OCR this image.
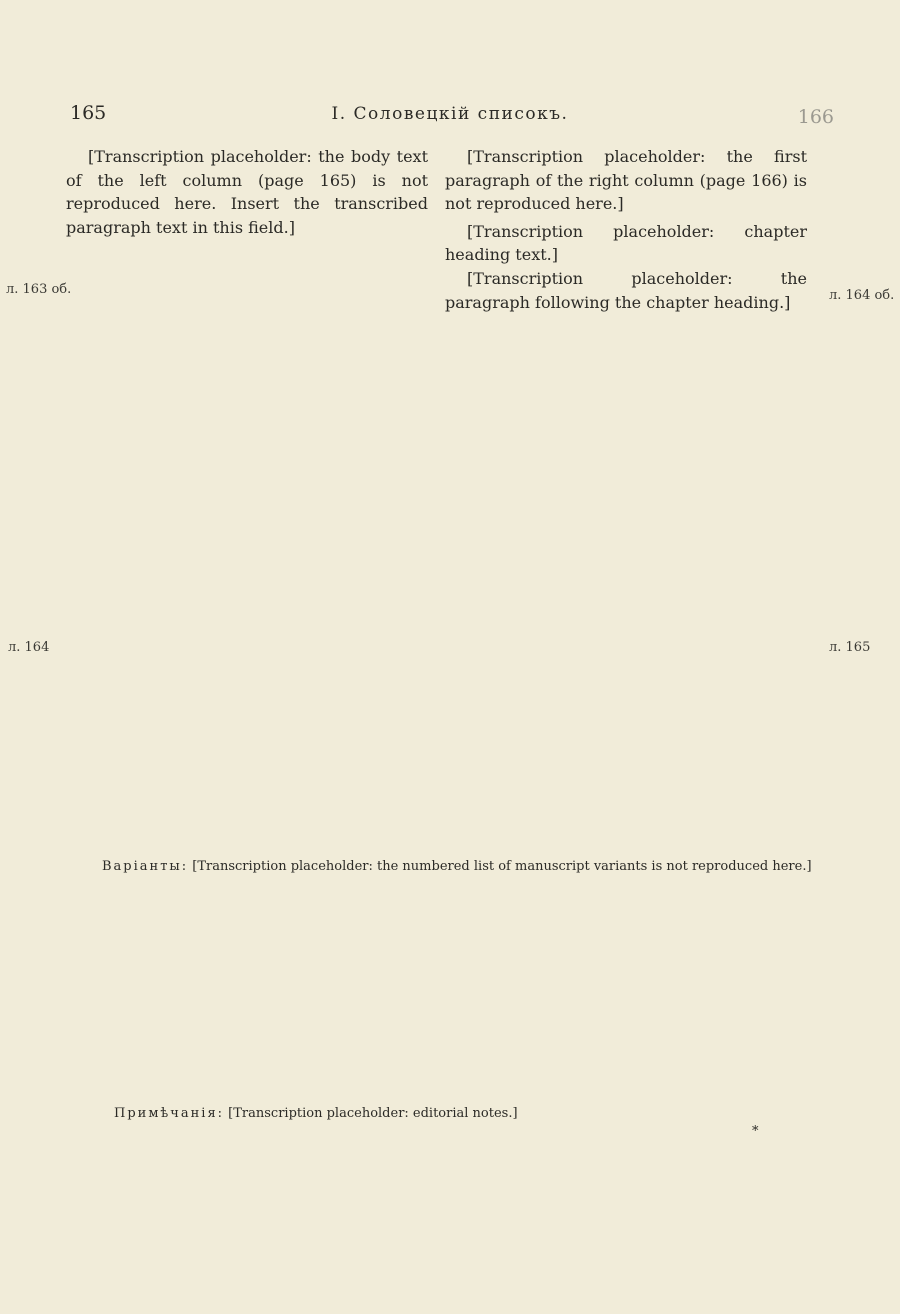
165	I. Соловецкій списокъ.	166
л. 163 об.	л. 164 об.
л. 164	л. 165

[Transcription placeholder: the body text of the left column (page 165) is not reproduced here. Insert the transcribed paragraph text in this field.]

[Transcription placeholder: the first paragraph of the right column (page 166) is not reproduced here.]

[Transcription placeholder: chapter heading text.]

[Transcription placeholder: the paragraph following the chapter heading.]

Варіанты: [Transcription placeholder: the numbered list of manuscript variants is not reproduced here.]

Примѣчанія: [Transcription placeholder: editorial notes.]
*
